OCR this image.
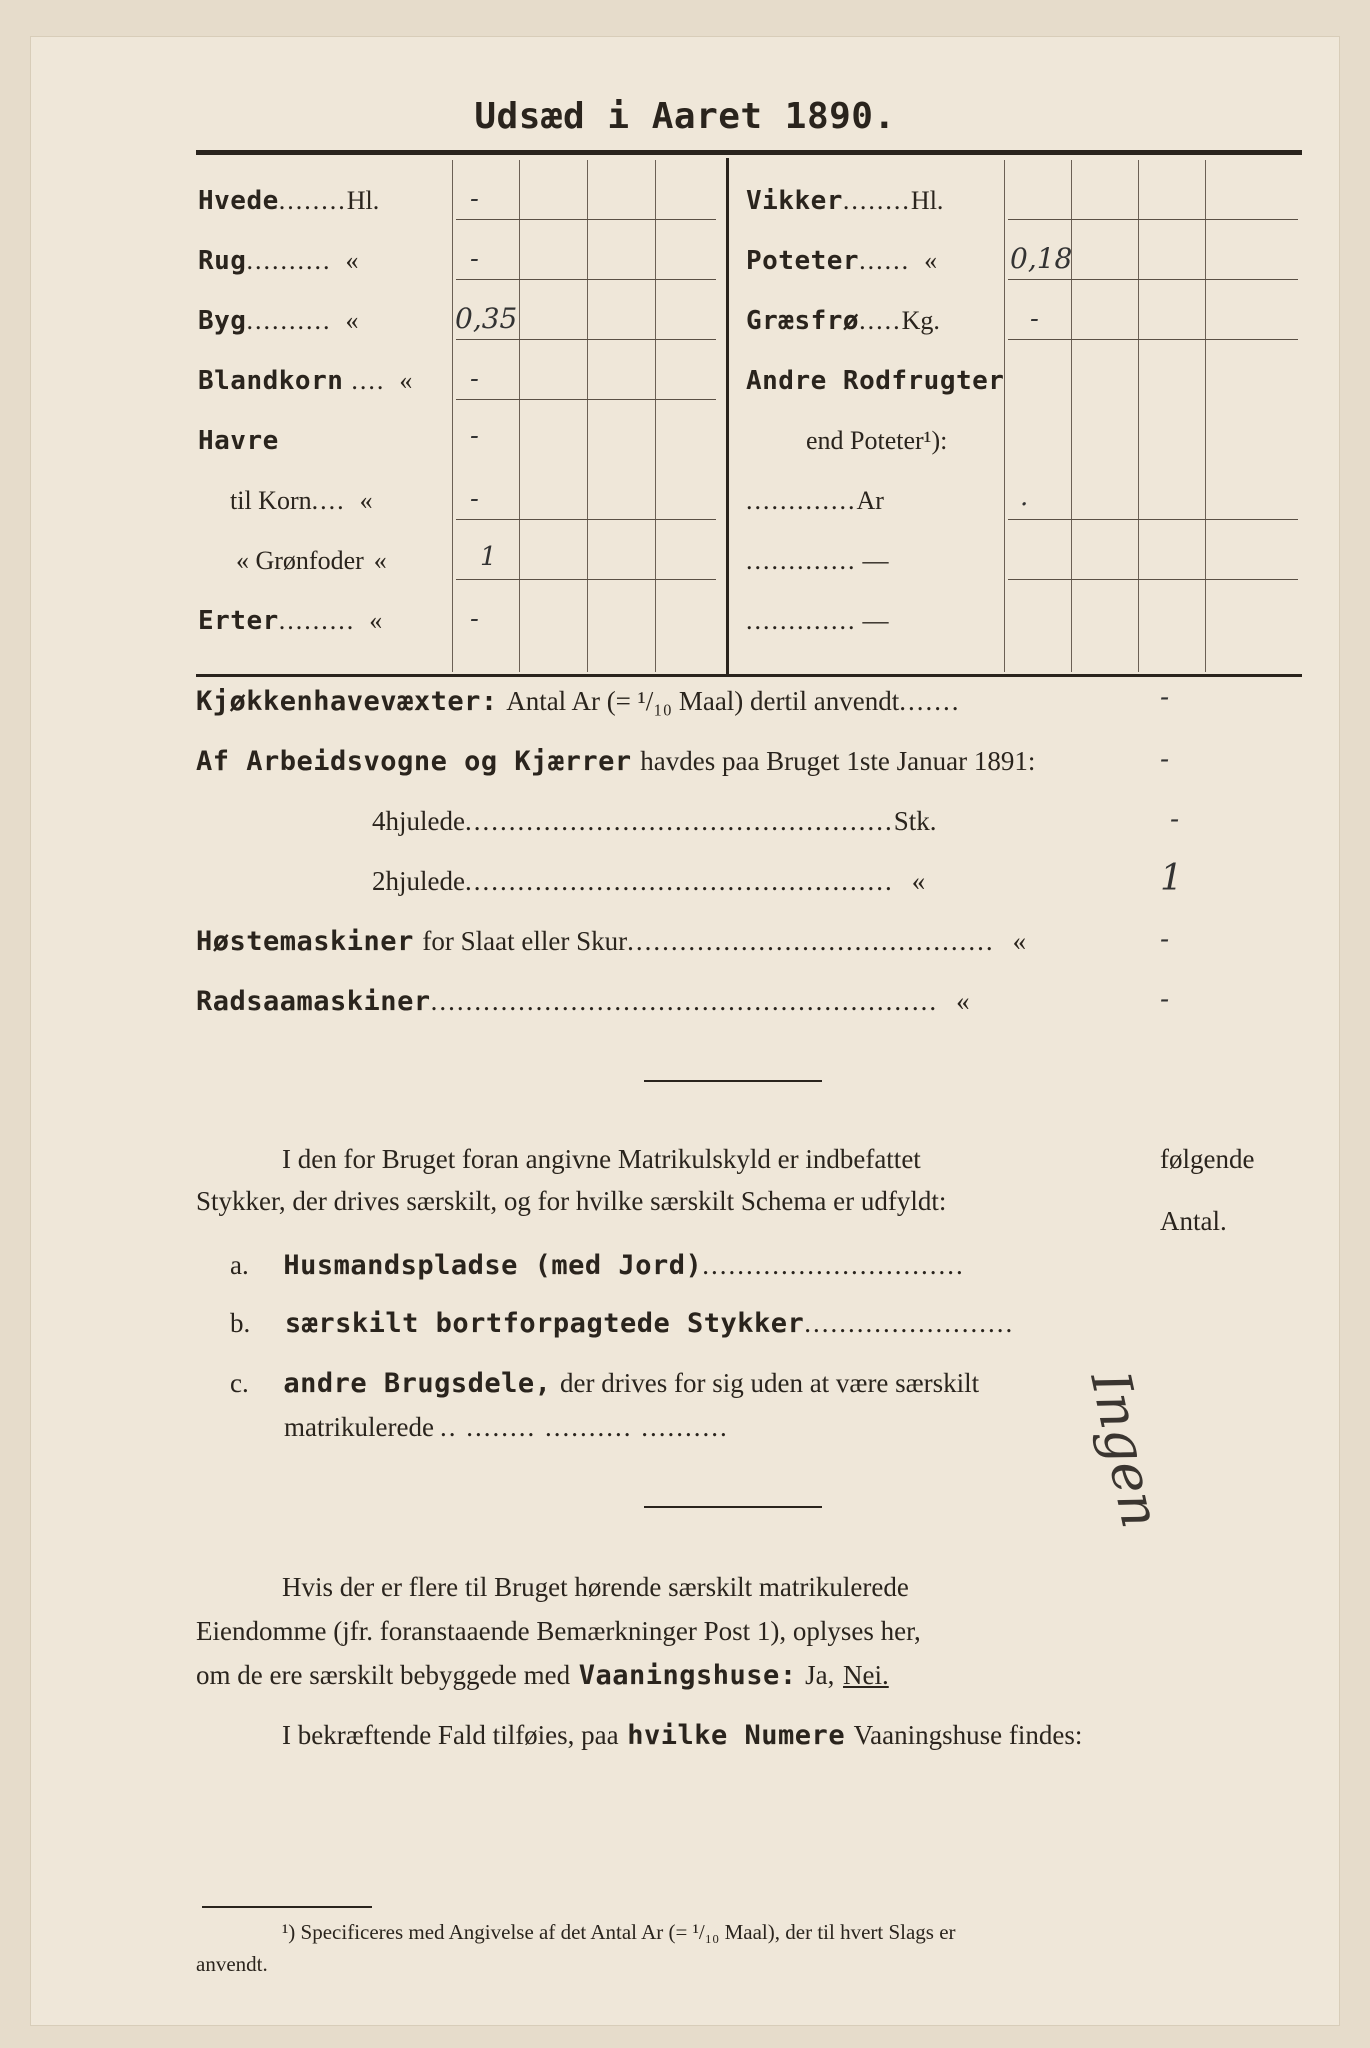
Udsæd i Aaret 1890.
Hvede........Hl.	-
Rug.......... «	-
Byg.......... «	0,35
Blandkorn .... « -
Havre	-
til Korn.... «	-
« Grønfoder «	1
Erter......... «	-
Vikker........Hl.
Poteter...... «	0,18
Græsfrø.....Kg.	-
Andre Rodfrugter
end Poteter¹):
.............Ar	.
............. —
............. —
Kjøkkenhavevæxter: Antal Ar (= ¹/₁₀ Maal) dertil anvendt.......	-
Af Arbeidsvogne og Kjærrer havdes paa Bruget 1ste Januar 1891:	-
4hjulede.................................................Stk.	-
2hjulede................................................. «	1
Høstemaskiner for Slaat eller Skur.......................................... «	-
Radsaamaskiner.......................................................... «	-
I den for Bruget foran angivne Matrikulskyld er indbefattet	følgende
Stykker, der drives særskilt, og for hvilke særskilt Schema er udfyldt:
Antal.
a. Husmandspladse (med Jord)..............................
b. særskilt bortforpagtede Stykker........................
c. andre Brugsdele, der drives for sig uden at være særskilt
matrikulerede .. ........ .......... ..........	Ingen
Hvis der er flere til Bruget hørende særskilt matrikulerede
Eiendomme (jfr. foranstaaende Bemærkninger Post 1), oplyses her,
om de ere særskilt bebyggede med Vaaningshuse: Ja, Nei.
I bekræftende Fald tilføies, paa hvilke Numere Vaaningshuse findes:
¹) Specificeres med Angivelse af det Antal Ar (= ¹/₁₀ Maal), der til hvert Slags er
anvendt.
